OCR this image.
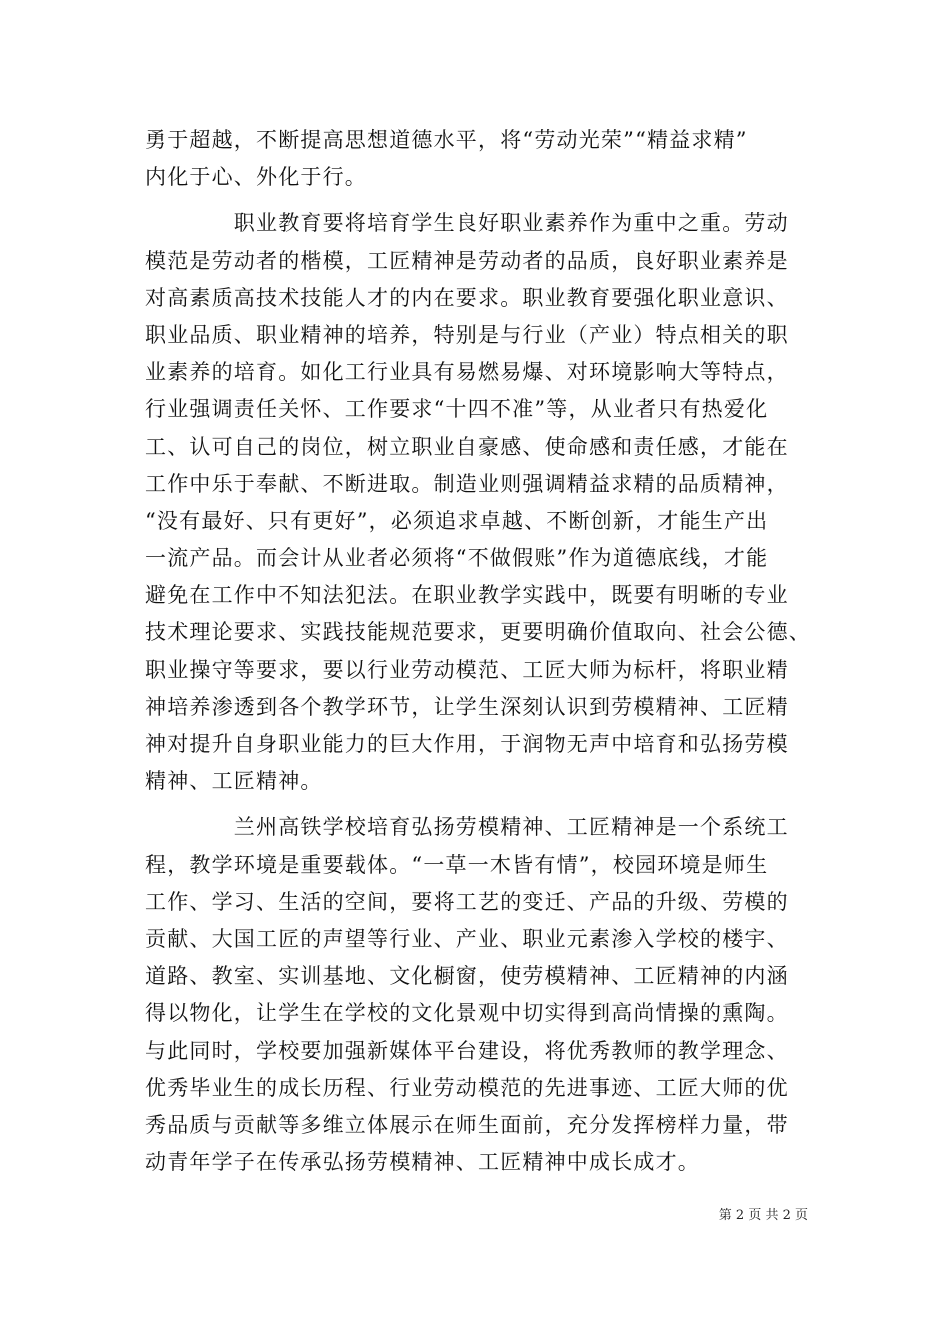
勇于超越，不断提高思想道德水平，将“劳动光荣”“精益求精”
内化于心、外化于行。
　　　　职业教育要将培育学生良好职业素养作为重中之重。劳动
模范是劳动者的楷模，工匠精神是劳动者的品质，良好职业素养是
对高素质高技术技能人才的内在要求。职业教育要强化职业意识、
职业品质、职业精神的培养，特别是与行业（产业）特点相关的职
业素养的培育。如化工行业具有易燃易爆、对环境影响大等特点，
行业强调责任关怀、工作要求“十四不准”等，从业者只有热爱化
工、认可自己的岗位，树立职业自豪感、使命感和责任感，才能在
工作中乐于奉献、不断进取。制造业则强调精益求精的品质精神，
“没有最好、只有更好”，必须追求卓越、不断创新，才能生产出
一流产品。而会计从业者必须将“不做假账”作为道德底线，才能
避免在工作中不知法犯法。在职业教学实践中，既要有明晰的专业
技术理论要求、实践技能规范要求，更要明确价值取向、社会公德、
职业操守等要求，要以行业劳动模范、工匠大师为标杆，将职业精
神培养渗透到各个教学环节，让学生深刻认识到劳模精神、工匠精
神对提升自身职业能力的巨大作用，于润物无声中培育和弘扬劳模
精神、工匠精神。
　　　　兰州高铁学校培育弘扬劳模精神、工匠精神是一个系统工
程，教学环境是重要载体。“一草一木皆有情”，校园环境是师生
工作、学习、生活的空间，要将工艺的变迁、产品的升级、劳模的
贡献、大国工匠的声望等行业、产业、职业元素渗入学校的楼宇、
道路、教室、实训基地、文化橱窗，使劳模精神、工匠精神的内涵
得以物化，让学生在学校的文化景观中切实得到高尚情操的熏陶。
与此同时，学校要加强新媒体平台建设，将优秀教师的教学理念、
优秀毕业生的成长历程、行业劳动模范的先进事迹、工匠大师的优
秀品质与贡献等多维立体展示在师生面前，充分发挥榜样力量，带
动青年学子在传承弘扬劳模精神、工匠精神中成长成才。
第 2 页 共 2 页
